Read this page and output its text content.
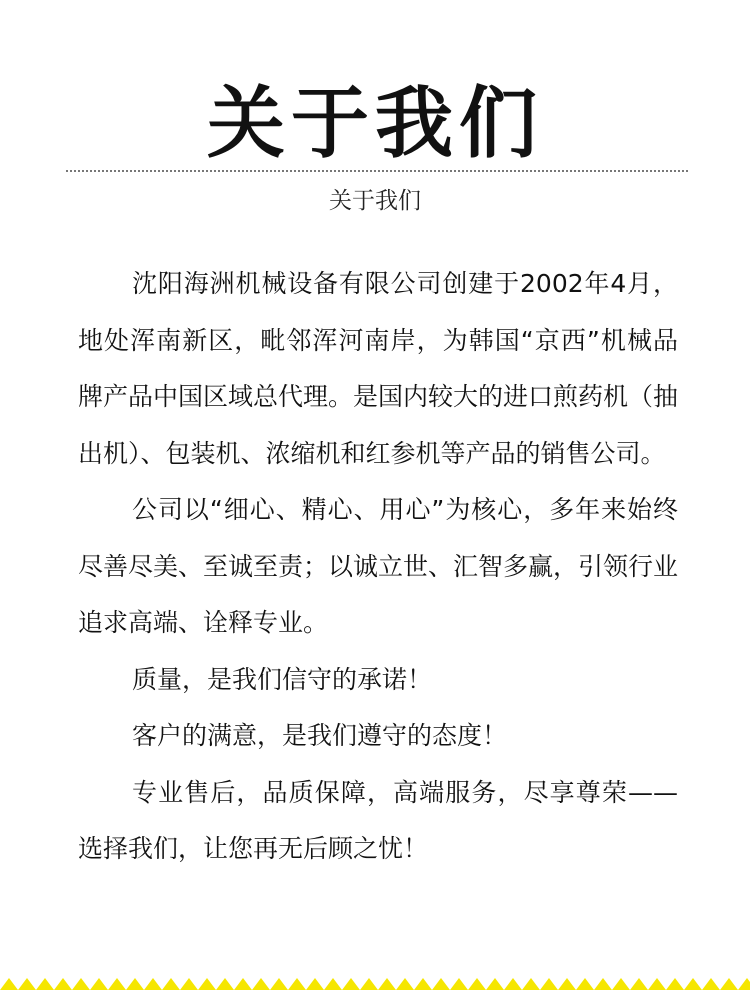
关于我们
关于我们

沈阳海洲机械设备有限公司创建于2002年4月， 地处浑南新区，毗邻浑河南岸，为韩国“京西”机械品牌产品中国区域总代理。是国内较大的进口煎药机（抽出机）、包装机、浓缩机和红参机等产品的销售公司。

公司以“细心、精心、用心”为核心，多年来始终尽善尽美、至诚至责；以诚立世、汇智多赢，引领行业追求高端、诠释专业。

质量，是我们信守的承诺！

客户的满意，是我们遵守的态度！

专业售后，品质保障，高端服务，尽享尊荣——选择我们，让您再无后顾之忧！
